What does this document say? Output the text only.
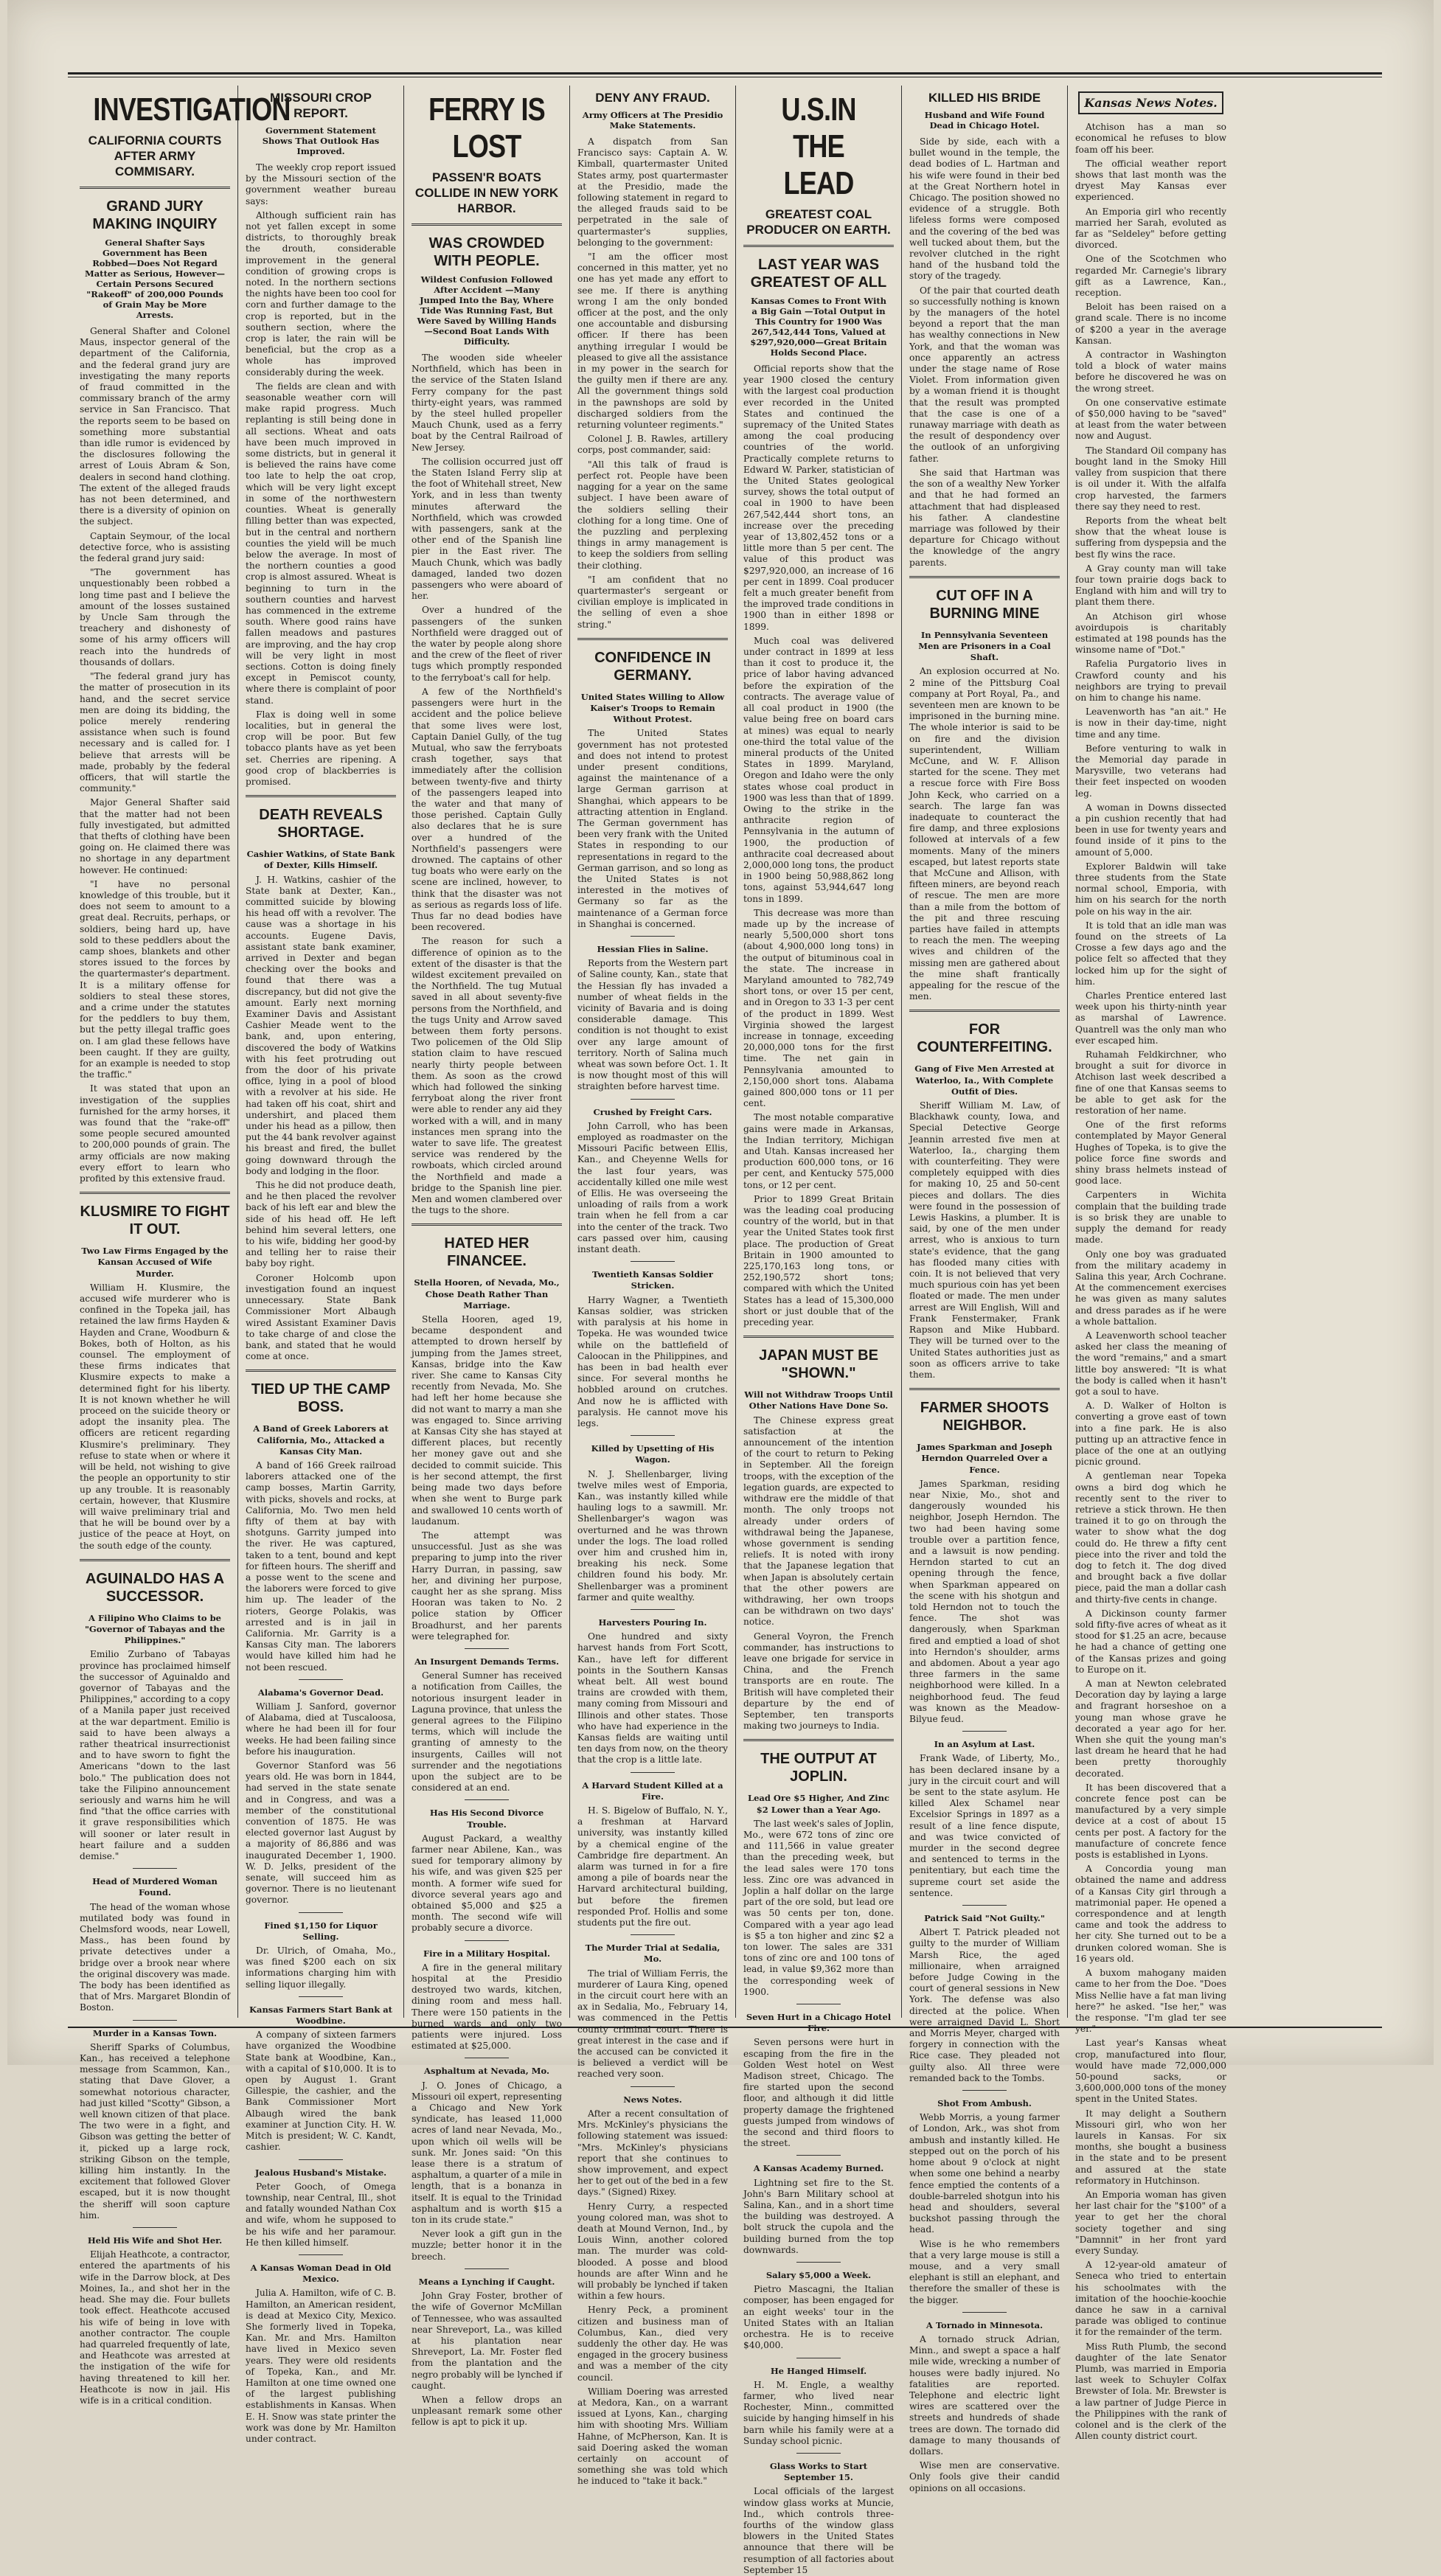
INVESTIGATION
CALIFORNIA COURTS AFTER ARMY COMMISARY.
GRAND JURY MAKING INQUIRY
General Shafter Says Government has Been Robbed—Does Not Regard Matter as Serious, However—Certain Persons Secured "Rakeoff" of 200,000 Pounds of Grain May be More Arrests.

General Shafter and Colonel Maus, inspector general of the department of the California, and the federal grand jury are investigating the many reports of fraud committed in the commissary branch of the army service in San Francisco. That the reports seem to be based on something more substantial than idle rumor is evidenced by the disclosures following the arrest of Louis Abram & Son, dealers in second hand clothing. The extent of the alleged frauds has not been determined, and there is a diversity of opinion on the subject.

Captain Seymour, of the local detective force, who is assisting the federal grand jury said:

"The government has unquestionably been robbed a long time past and I believe the amount of the losses sustained by Uncle Sam through the treachery and dishonesty of some of his army officers will reach into the hundreds of thousands of dollars.

"The federal grand jury has the matter of prosecution in its hand, and the secret service men are doing its bidding, the police merely rendering assistance when such is found necessary and is called for. I believe that arrests will be made, probably by the federal officers, that will startle the community."

Major General Shafter said that the matter had not been fully investigated, but admitted that thefts of clothing have been going on. He claimed there was no shortage in any department however. He continued:

"I have no personal knowledge of this trouble, but it does not seem to amount to a great deal. Recruits, perhaps, or soldiers, being hard up, have sold to these peddlers about the camp shoes, blankets and other stores issued to the forces by the quartermaster's department. It is a military offense for soldiers to steal these stores, and a crime under the statutes for the peddlers to buy them, but the petty illegal traffic goes on. I am glad these fellows have been caught. If they are guilty, for an example is needed to stop the traffic."

It was stated that upon an investigation of the supplies furnished for the army horses, it was found that the "rake-off" some people secured amounted to 200,000 pounds of grain. The army officials are now making every effort to learn who profited by this extensive fraud.

KLUSMIRE TO FIGHT IT OUT.
Two Law Firms Engaged by the Kansan Accused of Wife Murder.

William H. Klusmire, the accused wife murderer who is confined in the Topeka jail, has retained the law firms Hayden & Hayden and Crane, Woodburn & Bokes, both of Holton, as his counsel. The employment of these firms indicates that Klusmire expects to make a determined fight for his liberty. It is not known whether he will proceed on the suicide theory or adopt the insanity plea. The officers are reticent regarding Klusmire's preliminary. They refuse to state when or where it will be held, not wishing to give the people an opportunity to stir up any trouble. It is reasonably certain, however, that Klusmire will waive preliminary trial and that he will be bound over by a justice of the peace at Hoyt, on the south edge of the county.

AGUINALDO HAS A SUCCESSOR.
A Filipino Who Claims to be "Governor of Tabayas and the Philippines."

Emilio Zurbano of Tabayas province has proclaimed himself the successor of Aguinaldo and governor of Tabayas and the Philippines," according to a copy of a Manila paper just received at the war department. Emilio is said to have been always a rather theatrical insurrectionist and to have sworn to fight the Americans "down to the last bolo." The publication does not take the Filipino announcement seriously and warns him he will find "that the office carries with it grave responsibilities which will sooner or later result in heart failure and a sudden demise."

Head of Murdered Woman Found.

The head of the woman whose mutilated body was found in Chelmsford woods, near Lowell, Mass., has been found by private detectives under a bridge over a brook near where the original discovery was made. The body has been identified as that of Mrs. Margaret Blondin of Boston.

Murder in a Kansas Town.

Sheriff Sparks of Columbus, Kan., has received a telephone message from Scammon, Kan., stating that Dave Glover, a somewhat notorious character, had just killed "Scotty" Gibson, a well known citizen of that place. The two were in a fight, and Gibson was getting the better of it, picked up a large rock, striking Gibson on the temple, killing him instantly. In the excitement that followed Glover escaped, but it is now thought the sheriff will soon capture him.

Held His Wife and Shot Her.

Elijah Heathcote, a contractor, entered the apartments of his wife in the Darrow block, at Des Moines, Ia., and shot her in the head. She may die. Four bullets took effect. Heathcote accused his wife of being in love with another contractor. The couple had quarreled frequently of late, and Heathcote was arrested at the instigation of the wife for having threatened to kill her. Heathcote is now in jail. His wife is in a critical condition.

MISSOURI CROP REPORT.
Government Statement Shows That Outlook Has Improved.

The weekly crop report issued by the Missouri section of the government weather bureau says:

Although sufficient rain has not yet fallen except in some districts, to thoroughly break the drouth, considerable improvement in the general condition of growing crops is noted. In the northern sections the nights have been too cool for corn and further damage to the crop is reported, but in the southern section, where the crop is later, the rain will be beneficial, but the crop as a whole has improved considerably during the week.

The fields are clean and with seasonable weather corn will make rapid progress. Much replanting is still being done in all sections. Wheat and oats have been much improved in some districts, but in general it is believed the rains have come too late to help the oat crop, which will be very light except in some of the northwestern counties. Wheat is generally filling better than was expected, but in the central and northern counties the yield will be much below the average. In most of the northern counties a good crop is almost assured. Wheat is beginning to turn in the southern counties and harvest has commenced in the extreme south. Where good rains have fallen meadows and pastures are improving, and the hay crop will be very light in most sections. Cotton is doing finely except in Pemiscot county, where there is complaint of poor stand.

Flax is doing well in some localities, but in general the crop will be poor. But few tobacco plants have as yet been set. Cherries are ripening. A good crop of blackberries is promised.

DEATH REVEALS SHORTAGE.
Cashier Watkins, of State Bank of Dexter, Kills Himself.

J. H. Watkins, cashier of the State bank at Dexter, Kan., committed suicide by blowing his head off with a revolver. The cause was a shortage in his accounts. Eugene Davis, assistant state bank examiner, arrived in Dexter and began checking over the books and found that there was a discrepancy, but did not give the amount. Early next morning Examiner Davis and Assistant Cashier Meade went to the bank, and, upon entering, discovered the body of Watkins with his feet protruding out from the door of his private office, lying in a pool of blood with a revolver at his side. He had taken off his coat, shirt and undershirt, and placed them under his head as a pillow, then put the 44 bank revolver against his breast and fired, the bullet going downward through the body and lodging in the floor.

This he did not produce death, and he then placed the revolver back of his left ear and blew the side of his head off. He left behind him several letters, one to his wife, bidding her good-by and telling her to raise their baby boy right.

Coroner Holcomb upon investigation found an inquest unnecessary. State Bank Commissioner Mort Albaugh wired Assistant Examiner Davis to take charge of and close the bank, and stated that he would come at once.

TIED UP THE CAMP BOSS.
A Band of Greek Laborers at California, Mo., Attacked a Kansas City Man.

A band of 166 Greek railroad laborers attacked one of the camp bosses, Martin Garrity, with picks, shovels and rocks, at California, Mo. Two men held fifty of them at bay with shotguns. Garrity jumped into the river. He was captured, taken to a tent, bound and kept for fifteen hours. The sheriff and a posse went to the scene and the laborers were forced to give him up. The leader of the rioters, George Polakis, was arrested and is in jail in California. Mr. Garrity is a Kansas City man. The laborers would have killed him had he not been rescued.

Alabama's Governor Dead.

William J. Sanford, governor of Alabama, died at Tuscaloosa, where he had been ill for four weeks. He had been failing since before his inauguration.

Governor Stanford was 56 years old. He was born in 1844, had served in the state senate and in Congress, and was a member of the constitutional convention of 1875. He was elected governor last August by a majority of 86,886 and was inaugurated December 1, 1900. W. D. Jelks, president of the senate, will succeed him as governor. There is no lieutenant governor.

Fined $1,150 for Liquor Selling.

Dr. Ulrich, of Omaha, Mo., was fined $200 each on six informations charging him with selling liquor illegally.

Kansas Farmers Start Bank at Woodbine.

A company of sixteen farmers have organized the Woodbine State bank at Woodbine, Kan., with a capital of $10,000. It is to open by August 1. Grant Gillespie, the cashier, and the Bank Commissioner Mort Albaugh wired the bank examiner at Junction City. H. W. Mitch is president; W. C. Kandt, cashier.

Jealous Husband's Mistake.

Peter Gooch, of Omega township, near Central, Ill., shot and fatally wounded Nathan Cox and wife, whom he supposed to be his wife and her paramour. He then killed himself.

A Kansas Woman Dead in Old Mexico.

Julia A. Hamilton, wife of C. B. Hamilton, an American resident, is dead at Mexico City, Mexico. She formerly lived in Topeka, Kan. Mr. and Mrs. Hamilton have lived in Mexico seven years. They were old residents of Topeka, Kan., and Mr. Hamilton at one time owned one of the largest publishing establishments in Kansas. When E. H. Snow was state printer the work was done by Mr. Hamilton under contract.

FERRY IS LOST
PASSEN'R BOATS COLLIDE IN NEW YORK HARBOR.
WAS CROWDED WITH PEOPLE.
Wildest Confusion Followed After Accident —Many Jumped Into the Bay, Where Tide Was Running Fast, But Were Saved by Willing Hands—Second Boat Lands With Difficulty.

The wooden side wheeler Northfield, which has been in the service of the Staten Island Ferry company for the past thirty-eight years, was rammed by the steel hulled propeller Mauch Chunk, used as a ferry boat by the Central Railroad of New Jersey.

The collision occurred just off the Staten Island Ferry slip at the foot of Whitehall street, New York, and in less than twenty minutes afterward the Northfield, which was crowded with passengers, sank at the other end of the Spanish line pier in the East river. The Mauch Chunk, which was badly damaged, landed two dozen passengers who were aboard of her.

Over a hundred of the passengers of the sunken Northfield were dragged out of the water by people along shore and the crew of the fleet of river tugs which promptly responded to the ferryboat's call for help.

A few of the Northfield's passengers were hurt in the accident and the police believe that some lives were lost, Captain Daniel Gully, of the tug Mutual, who saw the ferryboats crash together, says that immediately after the collision between twenty-five and thirty of the passengers leaped into the water and that many of those perished. Captain Gully also declares that he is sure over a hundred of the Northfield's passengers were drowned. The captains of other tug boats who were early on the scene are inclined, however, to think that the disaster was not as serious as regards loss of life. Thus far no dead bodies have been recovered.

The reason for such a difference of opinion as to the extent of the disaster is that the wildest excitement prevailed on the Northfield. The tug Mutual saved in all about seventy-five persons from the Northfield, and the tugs Unity and Arrow saved between them forty persons. Two policemen of the Old Slip station claim to have rescued nearly thirty people between them. As soon as the crowd which had followed the sinking ferryboat along the river front were able to render any aid they worked with a will, and in many instances men sprang into the water to save life. The greatest service was rendered by the rowboats, which circled around the Northfield and made a bridge to the Spanish line pier. Men and women clambered over the tugs to the shore.

HATED HER FINANCEE.
Stella Hooren, of Nevada, Mo., Chose Death Rather Than Marriage.

Stella Hooren, aged 19, became despondent and attempted to drown herself by jumping from the James street, Kansas, bridge into the Kaw river. She came to Kansas City recently from Nevada, Mo. She had left her home because she did not want to marry a man she was engaged to. Since arriving at Kansas City she has stayed at different places, but recently her money gave out and she decided to commit suicide. This is her second attempt, the first being made two days before when she went to Burge park and swallowed 10 cents worth of laudanum.

The attempt was unsuccessful. Just as she was preparing to jump into the river Harry Durran, in passing, saw her, and divining her purpose, caught her as she sprang. Miss Hooran was taken to No. 2 police station by Officer Broadhurst, and her parents were telegraphed for.

An Insurgent Demands Terms.

General Sumner has received a notification from Cailles, the notorious insurgent leader in Laguna province, that unless the general agrees to the Filipino terms, which will include the granting of amnesty to the insurgents, Cailles will not surrender and the negotiations upon the subject are to be considered at an end.

Has His Second Divorce Trouble.

August Packard, a wealthy farmer near Abilene, Kan., was sued for temporary alimony by his wife, and was given $25 per month. A former wife sued for divorce several years ago and obtained $5,000 and $25 a month. The second wife will probably secure a divorce.

Fire in a Military Hospital.

A fire in the general military hospital at the Presidio destroyed two wards, kitchen, dining room and mess hall. There were 150 patients in the burned wards and only two patients were injured. Loss estimated at $25,000.

Asphaltum at Nevada, Mo.

J. O. Jones of Chicago, a Missouri oil expert, representing a Chicago and New York syndicate, has leased 11,000 acres of land near Nevada, Mo., upon which oil wells will be sunk. Mr. Jones said: "On this lease there is a stratum of asphaltum, a quarter of a mile in length, that is a bonanza in itself. It is equal to the Trinidad asphaltum and is worth $15 a ton in its crude state."

Never look a gift gun in the muzzle; better honor it in the breech.

Means a Lynching if Caught.

John Gray Foster, brother of the wife of Governor McMillan of Tennessee, who was assaulted near Shreveport, La., was killed at his plantation near Shreveport, La. Mr. Foster fled from the plantation and the negro probably will be lynched if caught.

When a fellow drops an unpleasant remark some other fellow is apt to pick it up.

DENY ANY FRAUD.
Army Officers at The Presidio Make Statements.

A dispatch from San Francisco says: Captain A. W. Kimball, quartermaster United States army, post quartermaster at the Presidio, made the following statement in regard to the alleged frauds said to be perpetrated in the sale of quartermaster's supplies, belonging to the government:

"I am the officer most concerned in this matter, yet no one has yet made any effort to see me. If there is anything wrong I am the only bonded officer at the post, and the only one accountable and disbursing officer. If there has been anything irregular I would be pleased to give all the assistance in my power in the search for the guilty men if there are any. All the government things sold in the pawnshops are sold by discharged soldiers from the returning volunteer regiments."

Colonel J. B. Rawles, artillery corps, post commander, said:

"All this talk of fraud is perfect rot. People have been nagging for a year on the same subject. I have been aware of the soldiers selling their clothing for a long time. One of the puzzling and perplexing things in army management is to keep the soldiers from selling their clothing.

"I am confident that no quartermaster's sergeant or civilian employe is implicated in the selling of even a shoe string."

CONFIDENCE IN GERMANY.
United States Willing to Allow Kaiser's Troops to Remain Without Protest.

The United States government has not protested and does not intend to protest under present conditions, against the maintenance of a large German garrison at Shanghai, which appears to be attracting attention in England. The German government has been very frank with the United States in responding to our representations in regard to the German garrison, and so long as the United States is not interested in the motives of Germany so far as the maintenance of a German force in Shanghai is concerned.

Hessian Flies in Saline.

Reports from the Western part of Saline county, Kan., state that the Hessian fly has invaded a number of wheat fields in the vicinity of Bavaria and is doing considerable damage. This condition is not thought to exist over any large amount of territory. North of Salina much wheat was sown before Oct. 1. It is now thought most of this will straighten before harvest time.

Crushed by Freight Cars.

John Carroll, who has been employed as roadmaster on the Missouri Pacific between Ellis, Kan., and Cheyenne Wells for the last four years, was accidentally killed one mile west of Ellis. He was overseeing the unloading of rails from a work train when he fell from a car into the center of the track. Two cars passed over him, causing instant death.

Twentieth Kansas Soldier Stricken.

Harry Wagner, a Twentieth Kansas soldier, was stricken with paralysis at his home in Topeka. He was wounded twice while on the battlefield of Caloocan in the Philippines, and has been in bad health ever since. For several months he hobbled around on crutches. And now he is afflicted with paralysis. He cannot move his legs.

Killed by Upsetting of His Wagon.

N. J. Shellenbarger, living twelve miles west of Emporia, Kan., was instantly killed while hauling logs to a sawmill. Mr. Shellenbarger's wagon was overturned and he was thrown under the logs. The load rolled over him and crushed him in, breaking his neck. Some children found his body. Mr. Shellenbarger was a prominent farmer and quite wealthy.

Harvesters Pouring In.

One hundred and sixty harvest hands from Fort Scott, Kan., have left for different points in the Southern Kansas wheat belt. All west bound trains are crowded with them, many coming from Missouri and Illinois and other states. Those who have had experience in the Kansas fields are waiting until ten days from now, on the theory that the crop is a little late.

A Harvard Student Killed at a Fire.

H. S. Bigelow of Buffalo, N. Y., a freshman at Harvard university, was instantly killed by a chemical engine of the Cambridge fire department. An alarm was turned in for a fire among a pile of boards near the Harvard architectural building, but before the firemen responded Prof. Hollis and some students put the fire out.

The Murder Trial at Sedalia, Mo.

The trial of William Ferris, the murderer of Laura King, opened in the circuit court here with an ax in Sedalia, Mo., February 14, was commenced in the Pettis county criminal court. There is great interest in the case and if the accused can be convicted it is believed a verdict will be reached very soon.

News Notes.

After a recent consultation of Mrs. McKinley's physicians the following statement was issued: "Mrs. McKinley's physicians report that she continues to show improvement, and expect her to get out of the bed in a few days." (Signed) Rixey.

Henry Curry, a respected young colored man, was shot to death at Mound Vernon, Ind., by Louis Winn, another colored man. The murder was cold-blooded. A posse and blood hounds are after Winn and he will probably be lynched if taken within a few hours.

Henry Peck, a prominent citizen and business man of Columbus, Kan., died very suddenly the other day. He was engaged in the grocery business and was a member of the city council.

William Doering was arrested at Medora, Kan., on a warrant issued at Lyons, Kan., charging him with shooting Mrs. William Hahne, of McPherson, Kan. It is said Doering asked the woman certainly on account of something she was told which he induced to "take it back."

U.S.IN THE LEAD
GREATEST COAL PRODUCER ON EARTH.
LAST YEAR WAS GREATEST OF ALL
Kansas Comes to Front With a Big Gain —Total Output in This Country for 1900 Was 267,542,444 Tons, Valued at $297,920,000—Great Britain Holds Second Place.

Official reports show that the year 1900 closed the century with the largest coal production ever recorded in the United States and continued the supremacy of the United States among the coal producing countries of the world. Practically complete returns to Edward W. Parker, statistician of the United States geological survey, shows the total output of coal in 1900 to have been 267,542,444 short tons, an increase over the preceding year of 13,802,452 tons or a little more than 5 per cent. The value of this product was $297,920,000, an increase of 16 per cent in 1899. Coal producer felt a much greater benefit from the improved trade conditions in 1900 than in either 1898 or 1899.

Much coal was delivered under contract in 1899 at less than it cost to produce it, the price of labor having advanced before the expiration of the contracts. The average value of all coal product in 1900 (the value being free on board cars at mines) was equal to nearly one-third the total value of the mineral products of the United States in 1899. Maryland, Oregon and Idaho were the only states whose coal product in 1900 was less than that of 1899. Owing to the strike in the anthracite region of Pennsylvania in the autumn of 1900, the production of anthracite coal decreased about 2,000,000 long tons, the product in 1900 being 50,988,862 long tons, against 53,944,647 long tons in 1899.

This decrease was more than made up by the increase of nearly 5,500,000 short tons (about 4,900,000 long tons) in the output of bituminous coal in the state. The increase in Maryland amounted to 782,749 short tons, or over 15 per cent, and in Oregon to 33 1-3 per cent of the product in 1899. West Virginia showed the largest increase in tonnage, exceeding 20,000,000 tons for the first time. The net gain in Pennsylvania amounted to 2,150,000 short tons. Alabama gained 800,000 tons or 11 per cent.

The most notable comparative gains were made in Arkansas, the Indian territory, Michigan and Utah. Kansas increased her production 600,000 tons, or 16 per cent, and Kentucky 575,000 tons, or 12 per cent.

Prior to 1899 Great Britain was the leading coal producing country of the world, but in that year the United States took first place. The production of Great Britain in 1900 amounted to 225,170,163 long tons, or 252,190,572 short tons; compared with which the United States has a lead of 15,300,000 short or just double that of the preceding year.

JAPAN MUST BE "SHOWN."
Will not Withdraw Troops Until Other Nations Have Done So.

The Chinese express great satisfaction at the announcement of the intention of the court to return to Peking in September. All the foreign troops, with the exception of the legation guards, are expected to withdraw ere the middle of that month. The only troops not already under orders of withdrawal being the Japanese, whose government is sending reliefs. It is noted with irony that the Japanese legation that when Japan is absolutely certain that the other powers are withdrawing, her own troops can be withdrawn on two days' notice.

General Voyron, the French commander, has instructions to leave one brigade for service in China, and the French transports are en route. The British will have completed their departure by the end of September, ten transports making two journeys to India.

THE OUTPUT AT JOPLIN.
Lead Ore $5 Higher, And Zinc $2 Lower than a Year Ago.

The last week's sales of Joplin, Mo., were 672 tons of zinc ore and 111,566 in value greater than the preceding week, but the lead sales were 170 tons less. Zinc ore was advanced in Joplin a half dollar on the large part of the ore sold, but lead ore was 50 cents per ton, done. Compared with a year ago lead is $5 a ton higher and zinc $2 a ton lower. The sales are 331 tons of zinc ore and 100 tons of lead, in value $9,362 more than the corresponding week of 1900.

Seven Hurt in a Chicago Hotel Fire.

Seven persons were hurt in escaping from the fire in the Golden West hotel on West Madison street, Chicago. The fire started upon the second floor, and although it did little property damage the frightened guests jumped from windows of the second and third floors to the street.

A Kansas Academy Burned.

Lightning set fire to the St. John's Barn Military school at Salina, Kan., and in a short time the building was destroyed. A bolt struck the cupola and the building burned from the top downwards.

Salary $5,000 a Week.

Pietro Mascagni, the Italian composer, has been engaged for an eight weeks' tour in the United States with an Italian orchestra. He is to receive $40,000.

He Hanged Himself.

H. M. Engle, a wealthy farmer, who lived near Rochester, Minn., committed suicide by hanging himself in his barn while his family were at a Sunday school picnic.

Glass Works to Start September 15.

Local officials of the largest window glass works at Muncie, Ind., which controls three-fourths of the window glass blowers in the United States announce that there will be resumption of all factories about September 15

KILLED HIS BRIDE
Husband and Wife Found Dead in Chicago Hotel.

Side by side, each with a bullet wound in the temple, the dead bodies of L. Hartman and his wife were found in their bed at the Great Northern hotel in Chicago. The position showed no evidence of a struggle. Both lifeless forms were composed and the covering of the bed was well tucked about them, but the revolver clutched in the right hand of the husband told the story of the tragedy.

Of the pair that courted death so successfully nothing is known by the managers of the hotel beyond a report that the man has wealthy connections in New York, and that the woman was once apparently an actress under the stage name of Rose Violet. From information given by a woman friend it is thought that the result was prompted that the case is one of a runaway marriage with death as the result of despondency over the outlook of an unforgiving father.

She said that Hartman was the son of a wealthy New Yorker and that he had formed an attachment that had displeased his father. A clandestine marriage was followed by their departure for Chicago without the knowledge of the angry parents.

CUT OFF IN A BURNING MINE
In Pennsylvania Seventeen Men are Prisoners in a Coal Shaft.

An explosion occurred at No. 2 mine of the Pittsburg Coal company at Port Royal, Pa., and seventeen men are known to be imprisoned in the burning mine. The whole interior is said to be on fire and the division superintendent, William McCune, and W. F. Allison started for the scene. They met a rescue force with Fire Boss John Keck, who carried on a search. The large fan was inadequate to counteract the fire damp, and three explosions followed at intervals of a few moments. Many of the miners escaped, but latest reports state that McCune and Allison, with fifteen miners, are beyond reach of rescue. The men are more than a mile from the bottom of the pit and three rescuing parties have failed in attempts to reach the men. The weeping wives and children of the missing men are gathered about the mine shaft frantically appealing for the rescue of the men.

FOR COUNTERFEITING.
Gang of Five Men Arrested at Waterloo, Ia., With Complete Outfit of Dies.

Sheriff William M. Law, of Blackhawk county, Iowa, and Special Detective George Jeannin arrested five men at Waterloo, Ia., charging them with counterfeiting. They were completely equipped with dies for making 10, 25 and 50-cent pieces and dollars. The dies were found in the possession of Lewis Haskins, a plumber. It is said, by one of the men under arrest, who is anxious to turn state's evidence, that the gang has flooded many cities with coin. It is not believed that very much spurious coin has yet been floated or made. The men under arrest are Will English, Will and Frank Fenstermaker, Frank Rapson and Mike Hubbard. They will be turned over to the United States authorities just as soon as officers arrive to take them.

FARMER SHOOTS NEIGHBOR.
James Sparkman and Joseph Herndon Quarreled Over a Fence.

James Sparkman, residing near Nixie, Mo., shot and dangerously wounded his neighbor, Joseph Herndon. The two had been having some trouble over a partition fence, and a lawsuit is now pending. Herndon started to cut an opening through the fence, when Sparkman appeared on the scene with his shotgun and told Herndon not to touch the fence. The shot was dangerously, when Sparkman fired and emptied a load of shot into Herndon's shoulder, arms and abdomen. About a year ago three farmers in the same neighborhood were killed. In a neighborhood feud. The feud was known as the Meadow-Bilyue feud.

In an Asylum at Last.

Frank Wade, of Liberty, Mo., has been declared insane by a jury in the circuit court and will be sent to the state asylum. He killed Alex Schamel near Excelsior Springs in 1897 as a result of a line fence dispute, and was twice convicted of murder in the second degree and sentenced to terms in the penitentiary, but each time the supreme court set aside the sentence.

Patrick Said "Not Guilty."

Albert T. Patrick pleaded not guilty to the murder of William Marsh Rice, the aged millionaire, when arraigned before Judge Cowing in the court of general sessions in New York. The defense was also directed at the police. When were arraigned David L. Short and Morris Meyer, charged with forgery in connection with the Rice case. They pleaded not guilty also. All three were remanded back to the Tombs.

Shot From Ambush.

Webb Morris, a young farmer of London, Ark., was shot from ambush and instantly killed. He stepped out on the porch of his home about 9 o'clock at night when some one behind a nearby fence emptied the contents of a double-barreled shotgun into his head and shoulders, several buckshot passing through the head.

Wise is he who remembers that a very large mouse is still a mouse, and a very small elephant is still an elephant, and therefore the smaller of these is the bigger.

A Tornado in Minnesota.

A tornado struck Adrian, Minn., and swept a space a half mile wide, wrecking a number of houses were badly injured. No fatalities are reported. Telephone and electric light wires are scattered over the streets and hundreds of shade trees are down. The tornado did damage to many thousands of dollars.

Wise men are conservative. Only fools give their candid opinions on all occasions.

Kansas News Notes.

Atchison has a man so economical he refuses to blow foam off his beer.

The official weather report shows that last month was the dryest May Kansas ever experienced.

An Emporia girl who recently married her Sarah, evoluted as far as "Seldeley" before getting divorced.

One of the Scotchmen who regarded Mr. Carnegie's library gift as a Lawrence, Kan., reception.

Beloit has been raised on a grand scale. There is no income of $200 a year in the average Kansan.

A contractor in Washington told a block of water mains before he discovered he was on the wrong street.

On one conservative estimate of $50,000 having to be "saved" at least from the water between now and August.

The Standard Oil company has bought land in the Smoky Hill valley from suspicion that there is oil under it. With the alfalfa crop harvested, the farmers there say they need to rest.

Reports from the wheat belt show that the wheat louse is suffering from dyspepsia and the best fly wins the race.

A Gray county man will take four town prairie dogs back to England with him and will try to plant them there.

An Atchison girl whose avoirdupois is charitably estimated at 198 pounds has the winsome name of "Dot."

Rafelia Purgatorio lives in Crawford county and his neighbors are trying to prevail on him to change his name.

Leavenworth has "an ait." He is now in their day-time, night time and any time.

Before venturing to walk in the Memorial day parade in Marysville, two veterans had their feet inspected on wooden leg.

A woman in Downs dissected a pin cushion recently that had been in use for twenty years and found inside of it pins to the amount of 5,000.

Explorer Baldwin will take three students from the State normal school, Emporia, with him on his search for the north pole on his way in the air.

It is told that an idle man was found on the streets of La Crosse a few days ago and the police felt so affected that they locked him up for the sight of him.

Charles Prentice entered last week upon his thirty-ninth year as marshal of Lawrence. Quantrell was the only man who ever escaped him.

Ruhamah Feldkirchner, who brought a suit for divorce in Atchison last week described a fine of one that Kansas seems to be able to get ask for the restoration of her name.

One of the first reforms contemplated by Mayor General Hughes of Topeka, is to give the police force fine swords and shiny brass helmets instead of good lace.

Carpenters in Wichita complain that the building trade is so brisk they are unable to supply the demand for ready made.

Only one boy was graduated from the military academy in Salina this year, Arch Cochrane. At the commencement exercises he was given as many salutes and dress parades as if he were a whole battalion.

A Leavenworth school teacher asked her class the meaning of the word "remains," and a smart little boy answered: "It is what the body is called when it hasn't got a soul to have.

A. D. Walker of Holton is converting a grove east of town into a fine park. He is also putting up an attractive fence in place of the one at an outlying picnic ground.

A gentleman near Topeka owns a bird dog which he recently sent to the river to retrieve a stick thrown. He then trained it to go on through the water to show what the dog could do. He threw a fifty cent piece into the river and told the dog to fetch it. The dog dived and brought back a five dollar piece, paid the man a dollar cash and thirty-five cents in change.

A Dickinson county farmer sold fifty-five acres of wheat as it stood for $1.25 an acre, because he had a chance of getting one of the Kansas prizes and going to Europe on it.

A man at Newton celebrated Decoration day by laying a large and fragrant horseshoe on a young man whose grave he decorated a year ago for her. When she quit the young man's last dream he heard that he had been pretty thoroughly decorated.

It has been discovered that a concrete fence post can be manufactured by a very simple device at a cost of about 15 cents per post. A factory for the manufacture of concrete fence posts is established in Lyons.

A Concordia young man obtained the name and address of a Kansas City girl through a matrimonial paper. He opened a correspondence and at length came and took the address to her city. She turned out to be a drunken colored woman. She is 16 years old.

A buxom mahogany maiden came to her from the Doe. "Does Miss Nellie have a fat man living here?" he asked. "Ise her," was the response. "I'm glad ter see yer."

Last year's Kansas wheat crop, manufactured into flour, would have made 72,000,000 50-pound sacks, or 3,600,000,000 tons of the money spent in the United States.

It may delight a Southern Missouri girl, who won her laurels in Kansas. For six months, she bought a business in the state and to be present and assured at the state reformatory in Hutchinson.

An Emporia woman has given her last chair for the "$100" of a year to get her the choral society together and sing "Damnnit" in her front yard every Sunday.

A 12-year-old amateur of Seneca who tried to entertain his schoolmates with the imitation of the hoochie-koochie dance he saw in a carnival parade was obliged to continue it for the remainder of the term.

Miss Ruth Plumb, the second daughter of the late Senator Plumb, was married in Emporia last week to Schuyler Colfax Brewster of Iola. Mr. Brewster is a law partner of Judge Pierce in the Philippines with the rank of colonel and is the clerk of the Allen county district court.
